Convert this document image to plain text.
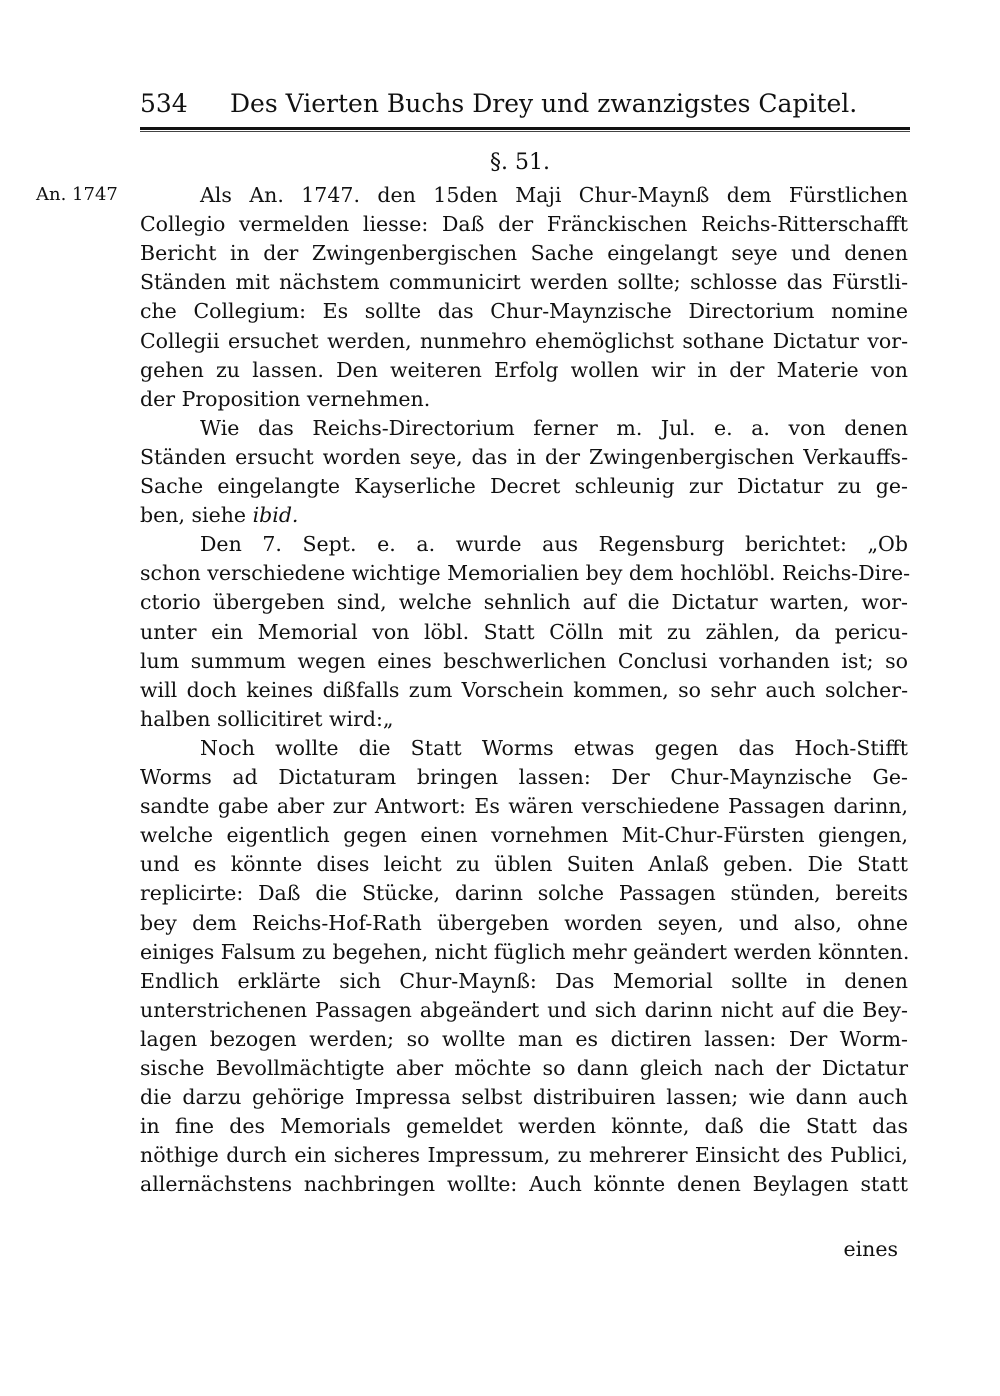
534 Des Vierten Buchs Drey und zwanzigstes Capitel.
§. 51.
An. 1747	Als An. 1747. den 15den Maji Chur-Maynß dem Fürstlichen
Collegio vermelden liesse: Daß der Fränckischen Reichs-Ritterschafft
Bericht in der Zwingenbergischen Sache eingelangt seye und denen
Ständen mit nächstem communicirt werden sollte; schlosse das Fürstli-
che Collegium: Es sollte das Chur-Maynzische Directorium nomine
Collegii ersuchet werden, nunmehro ehemöglichst sothane Dictatur vor-
gehen zu lassen. Den weiteren Erfolg wollen wir in der Materie von
der Proposition vernehmen.
Wie das Reichs-Directorium ferner m. Jul. e. a. von denen
Ständen ersucht worden seye, das in der Zwingenbergischen Verkauffs-
Sache eingelangte Kayserliche Decret schleunig zur Dictatur zu ge-
ben, siehe ibid.
Den 7. Sept. e. a. wurde aus Regensburg berichtet: „Ob
schon verschiedene wichtige Memorialien bey dem hochlöbl. Reichs-Dire-
ctorio übergeben sind, welche sehnlich auf die Dictatur warten, wor-
unter ein Memorial von löbl. Statt Cölln mit zu zählen, da pericu-
lum summum wegen eines beschwerlichen Conclusi vorhanden ist; so
will doch keines dißfalls zum Vorschein kommen, so sehr auch solcher-
halben sollicitiret wird:„
Noch wollte die Statt Worms etwas gegen das Hoch-Stifft
Worms ad Dictaturam bringen lassen: Der Chur-Maynzische Ge-
sandte gabe aber zur Antwort: Es wären verschiedene Passagen darinn,
welche eigentlich gegen einen vornehmen Mit-Chur-Fürsten giengen,
und es könnte dises leicht zu üblen Suiten Anlaß geben. Die Statt
replicirte: Daß die Stücke, darinn solche Passagen stünden, bereits
bey dem Reichs-Hof-Rath übergeben worden seyen, und also, ohne
einiges Falsum zu begehen, nicht füglich mehr geändert werden könnten.
Endlich erklärte sich Chur-Maynß: Das Memorial sollte in denen
unterstrichenen Passagen abgeändert und sich darinn nicht auf die Bey-
lagen bezogen werden; so wollte man es dictiren lassen: Der Worm-
sische Bevollmächtigte aber möchte so dann gleich nach der Dictatur
die darzu gehörige Impressa selbst distribuiren lassen; wie dann auch
in fine des Memorials gemeldet werden könnte, daß die Statt das
nöthige durch ein sicheres Impressum, zu mehrerer Einsicht des Publici,
allernächstens nachbringen wollte: Auch könnte denen Beylagen statt
eines
